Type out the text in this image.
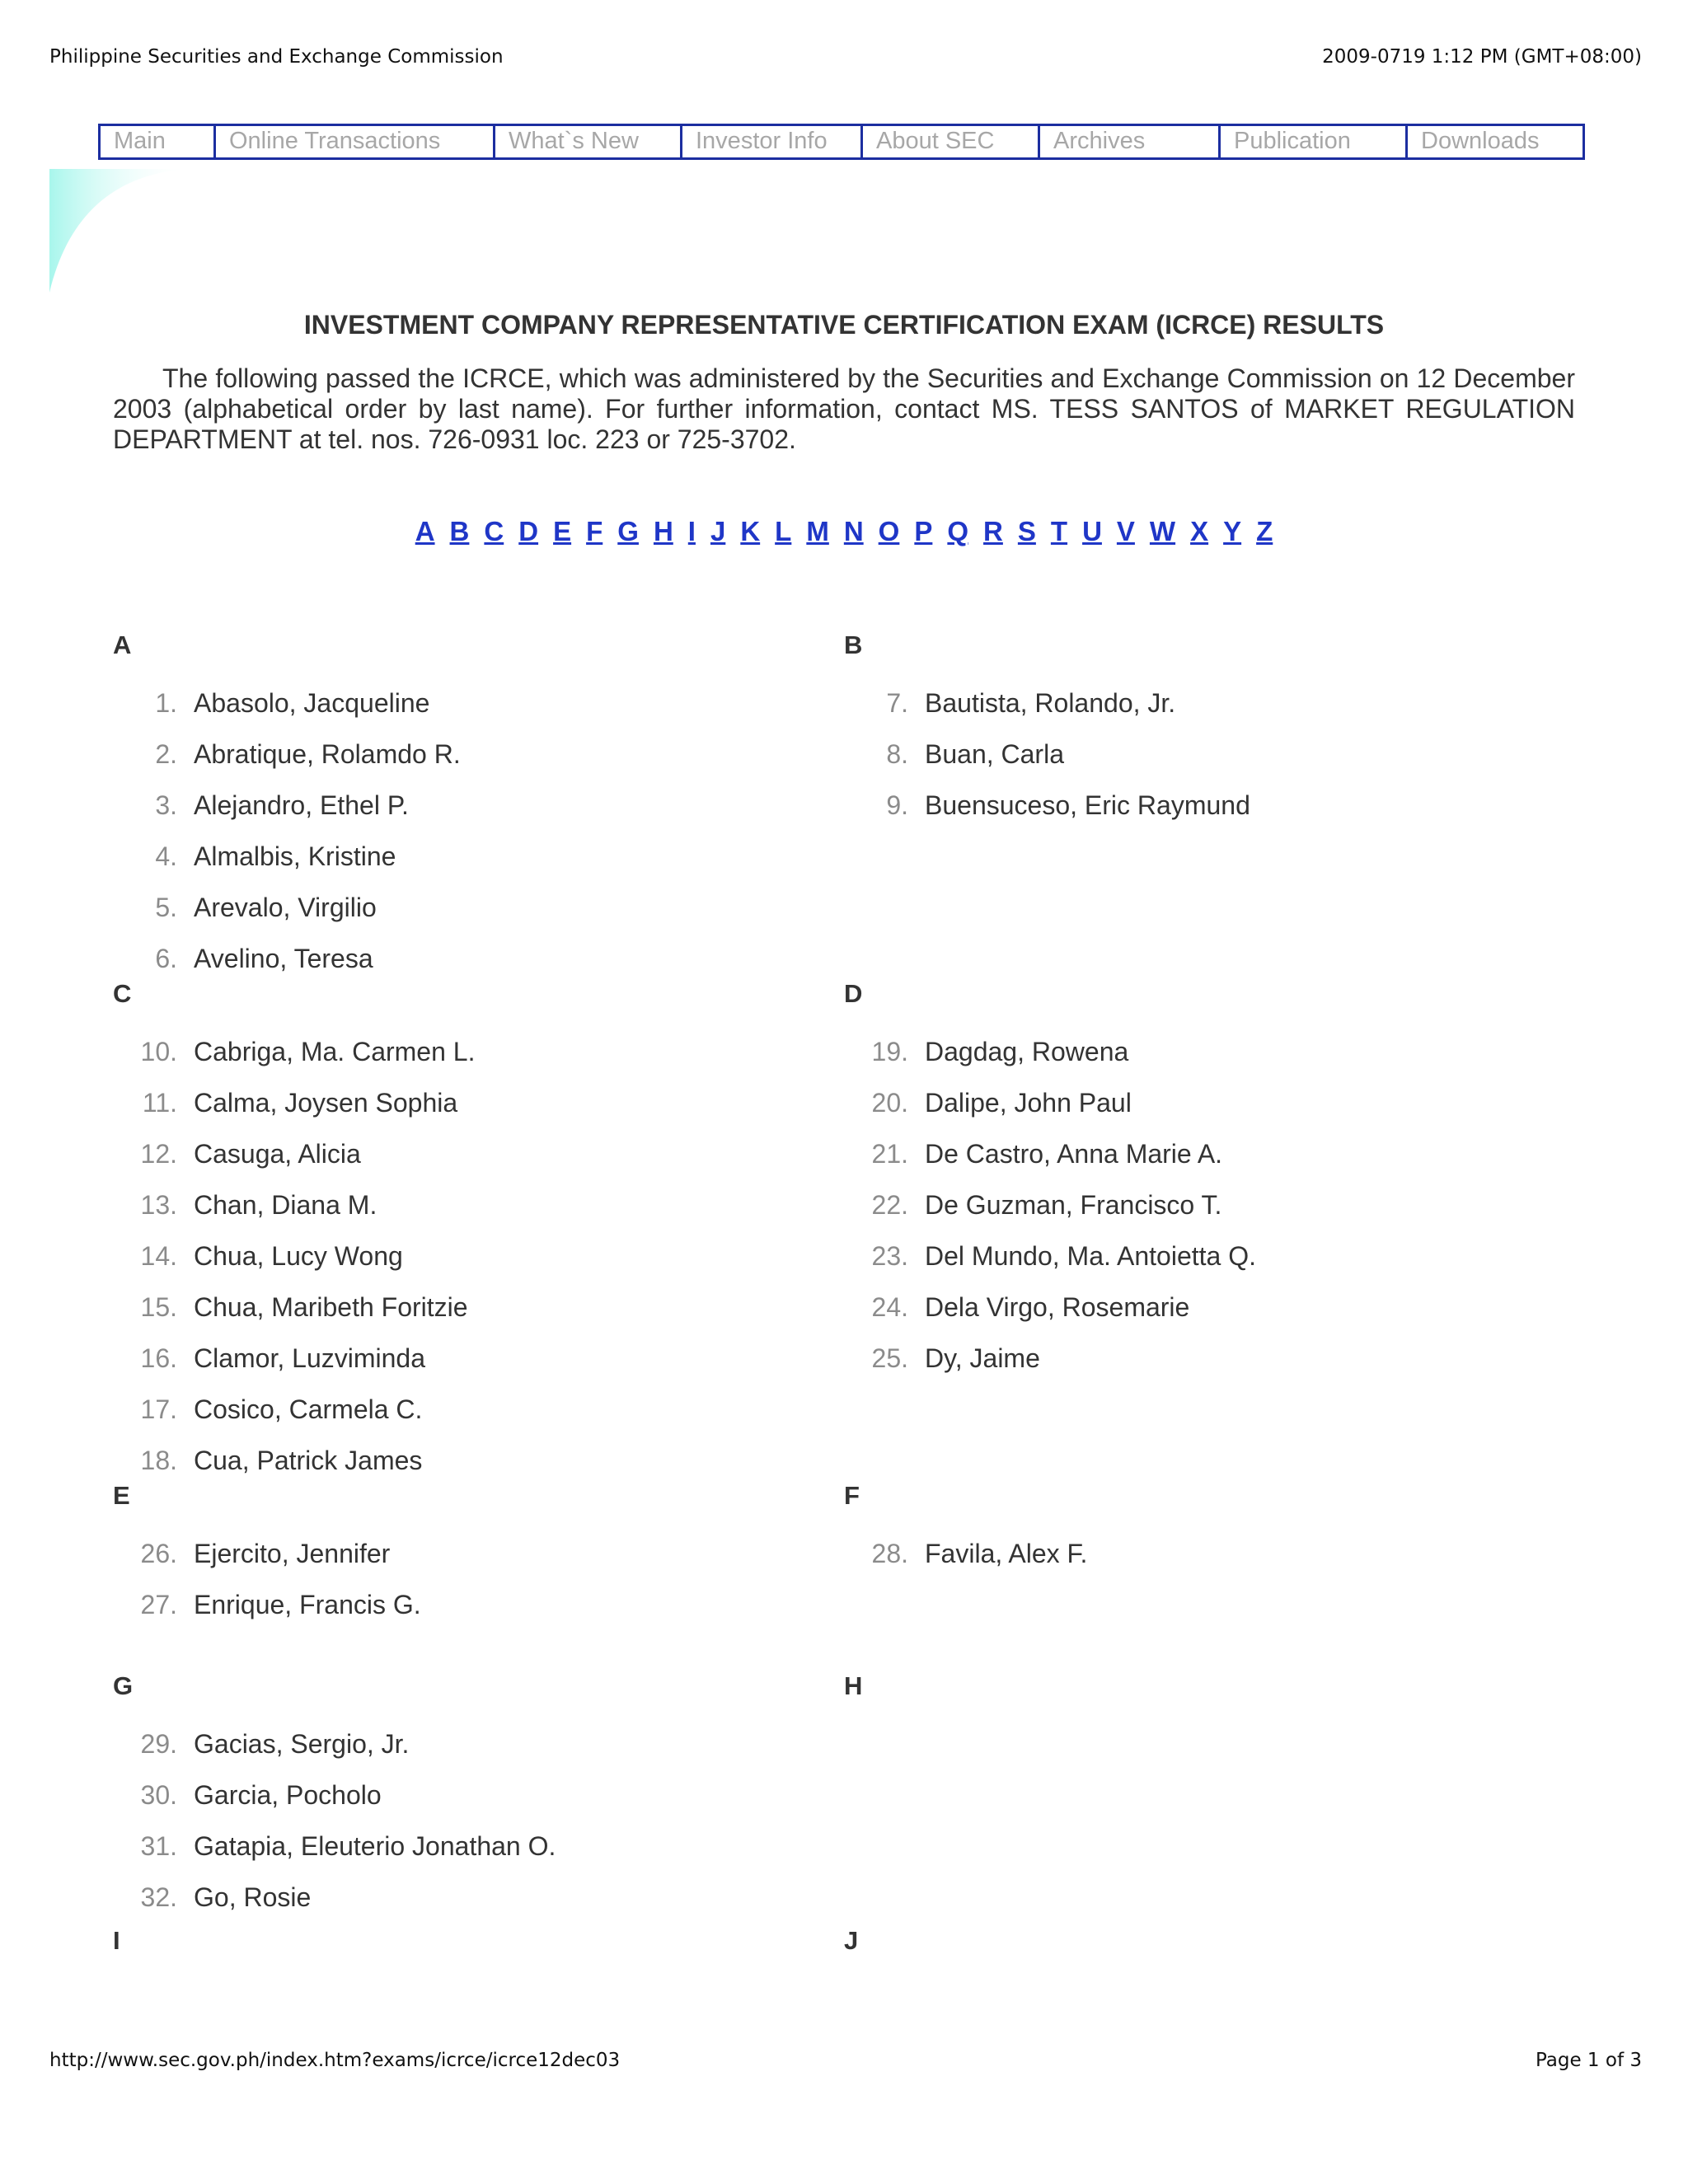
Philippine Securities and Exchange Commission	2009-0719 1:12 PM (GMT+08:00)
Main	Online Transactions	What`s New	Investor Info	About SEC	Archives	Publication	Downloads
INVESTMENT COMPANY REPRESENTATIVE CERTIFICATION EXAM (ICRCE) RESULTS
The following passed the ICRCE, which was administered by the Securities and Exchange Commission on 12 December 2003 (alphabetical order by last name). For further information, contact MS. TESS SANTOS of MARKET REGULATION DEPARTMENT at tel. nos. 726-0931 loc. 223 or 725-3702.
A B C D E F G H I J K L M N O P Q R S T U V W X Y Z
A
1. Abasolo, Jacqueline
2. Abratique, Rolamdo R.
3. Alejandro, Ethel P.
4. Almalbis, Kristine
5. Arevalo, Virgilio
6. Avelino, Teresa
B
7. Bautista, Rolando, Jr.
8. Buan, Carla
9. Buensuceso, Eric Raymund
C
10. Cabriga, Ma. Carmen L.
11. Calma, Joysen Sophia
12. Casuga, Alicia
13. Chan, Diana M.
14. Chua, Lucy Wong
15. Chua, Maribeth Foritzie
16. Clamor, Luzviminda
17. Cosico, Carmela C.
18. Cua, Patrick James
D
19. Dagdag, Rowena
20. Dalipe, John Paul
21. De Castro, Anna Marie A.
22. De Guzman, Francisco T.
23. Del Mundo, Ma. Antoietta Q.
24. Dela Virgo, Rosemarie
25. Dy, Jaime
E
26. Ejercito, Jennifer
27. Enrique, Francis G.
F
28. Favila, Alex F.
G
29. Gacias, Sergio, Jr.
30. Garcia, Pocholo
31. Gatapia, Eleuterio Jonathan O.
32. Go, Rosie
H
I	J
http://www.sec.gov.ph/index.htm?exams/icrce/icrce12dec03	Page 1 of 3
